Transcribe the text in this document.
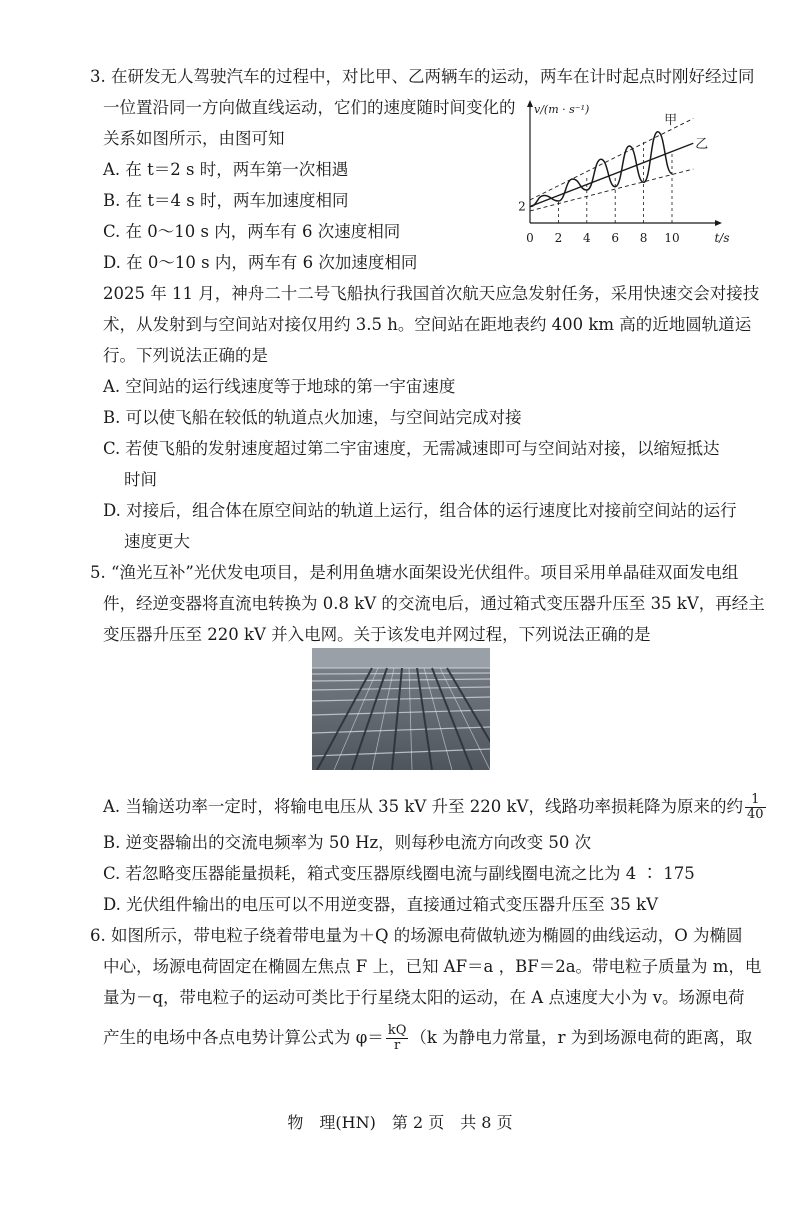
3. 在研发无人驾驶汽车的过程中，对比甲、乙两辆车的运动，两车在计时起点时刚好经过同
一位置沿同一方向做直线运动，它们的速度随时间变化的
关系如图所示，由图可知
A. 在 t＝2 s 时，两车第一次相遇
B. 在 t＝4 s 时，两车加速度相同
C. 在 0～10 s 内，两车有 6 次速度相同
D. 在 0～10 s 内，两车有 6 次加速度相同
v/(m · s⁻¹)
t/s
0 2 4 6 8 10
2
甲
乙
2025 年 11 月，神舟二十二号飞船执行我国首次航天应急发射任务，采用快速交会对接技
术，从发射到与空间站对接仅用约 3.5 h。空间站在距地表约 400 km 高的近地圆轨道运
行。下列说法正确的是
A. 空间站的运行线速度等于地球的第一宇宙速度
B. 可以使飞船在较低的轨道点火加速，与空间站完成对接
C. 若使飞船的发射速度超过第二宇宙速度，无需减速即可与空间站对接，以缩短抵达
时间
D. 对接后，组合体在原空间站的轨道上运行，组合体的运行速度比对接前空间站的运行
速度更大
5. “渔光互补”光伏发电项目，是利用鱼塘水面架设光伏组件。项目采用单晶硅双面发电组
件，经逆变器将直流电转换为 0.8 kV 的交流电后，通过箱式变压器升压至 35 kV，再经主
变压器升压至 220 kV 并入电网。关于该发电并网过程，下列说法正确的是
A. 当输送功率一定时，将输电电压从 35 kV 升至 220 kV，线路功率损耗降为原来的约 $\frac{1}{40}$
B. 逆变器输出的交流电频率为 50 Hz，则每秒电流方向改变 50 次
C. 若忽略变压器能量损耗，箱式变压器原线圈电流与副线圈电流之比为 4 ∶ 175
D. 光伏组件输出的电压可以不用逆变器，直接通过箱式变压器升压至 35 kV
6. 如图所示，带电粒子绕着带电量为＋Q 的场源电荷做轨迹为椭圆的曲线运动，O 为椭圆
中心，场源电荷固定在椭圆左焦点 F 上，已知 AF＝a ，BF＝2a。带电粒子质量为 m，电
量为－q，带电粒子的运动可类比于行星绕太阳的运动，在 A 点速度大小为 v。场源电荷
产生的电场中各点电势计算公式为 $\varphi= \frac{kQ}{r} (k$ 为静电力常量，r 为到场源电荷的距离，取
物　理(HN)　第 2 页　共 8 页
